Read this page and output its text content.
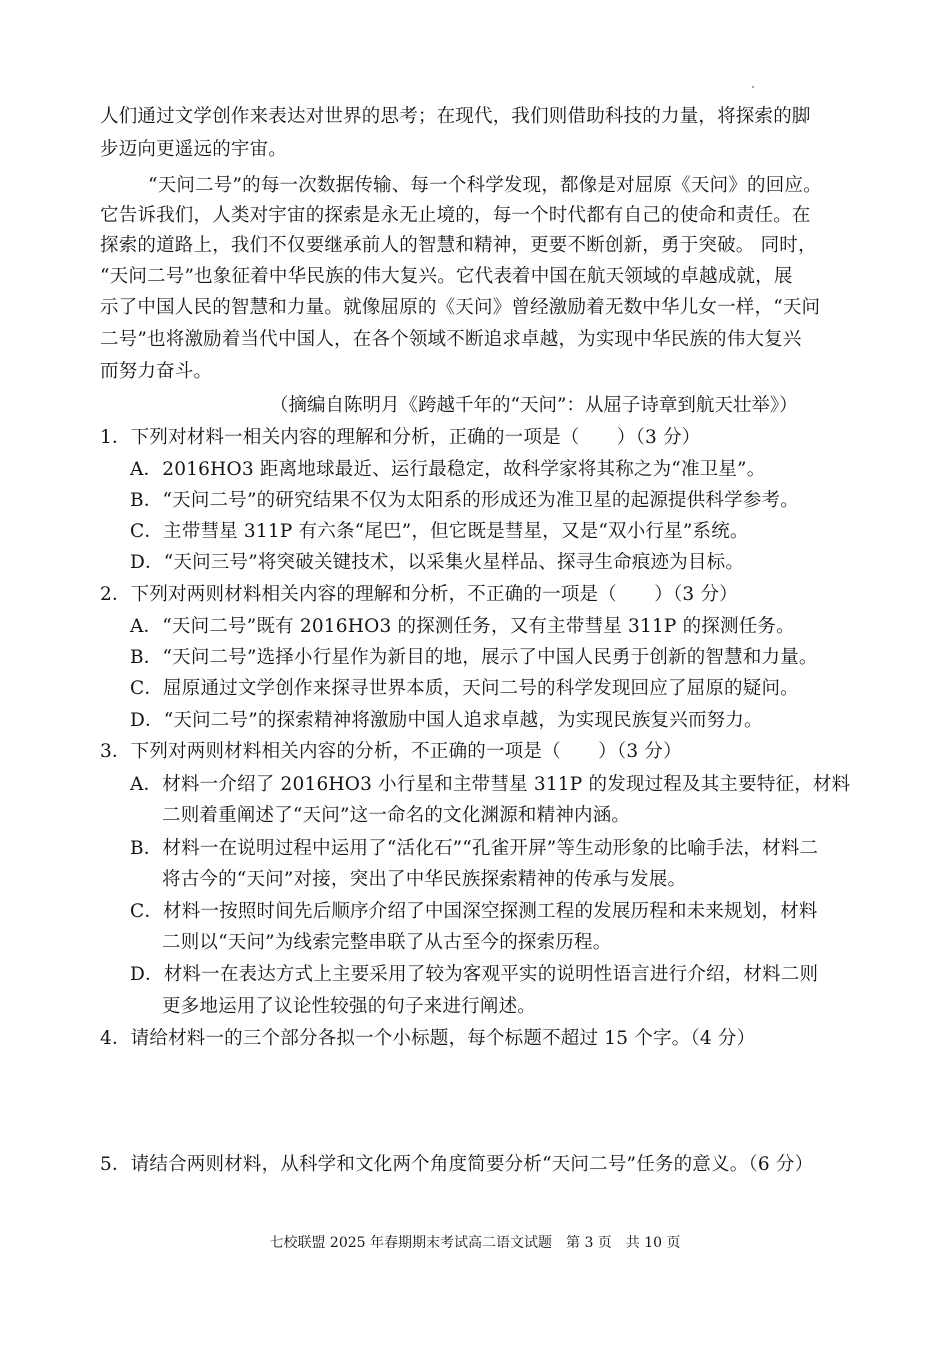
人们通过文学创作来表达对世界的思考；在现代，我们则借助科技的力量，将探索的脚
步迈向更遥远的宇宙。
“天问二号”的每一次数据传输、每一个科学发现，都像是对屈原《天问》的回应。
它告诉我们，人类对宇宙的探索是永无止境的，每一个时代都有自己的使命和责任。在
探索的道路上，我们不仅要继承前人的智慧和精神，更要不断创新，勇于突破。 同时，
“天问二号”也象征着中华民族的伟大复兴。它代表着中国在航天领域的卓越成就，展
示了中国人民的智慧和力量。就像屈原的《天问》曾经激励着无数中华儿女一样，“天问
二号”也将激励着当代中国人，在各个领域不断追求卓越，为实现中华民族的伟大复兴
而努力奋斗。
（摘编自陈明月《跨越千年的“天问”：从屈子诗章到航天壮举》）
1．下列对材料一相关内容的理解和分析，正确的一项是（　　）（3 分）
A．2016HO3 距离地球最近、运行最稳定，故科学家将其称之为“准卫星”。
B．“天问二号”的研究结果不仅为太阳系的形成还为准卫星的起源提供科学参考。
C．主带彗星 311P 有六条“尾巴”，但它既是彗星，又是“双小行星”系统。
D．“天问三号”将突破关键技术，以采集火星样品、探寻生命痕迹为目标。
2．下列对两则材料相关内容的理解和分析，不正确的一项是（　　）（3 分）
A．“天问二号”既有 2016HO3 的探测任务，又有主带彗星 311P 的探测任务。
B．“天问二号”选择小行星作为新目的地，展示了中国人民勇于创新的智慧和力量。
C．屈原通过文学创作来探寻世界本质，天问二号的科学发现回应了屈原的疑问。
D．“天问二号”的探索精神将激励中国人追求卓越，为实现民族复兴而努力。
3．下列对两则材料相关内容的分析，不正确的一项是（　　）（3 分）
A．材料一介绍了 2016HO3 小行星和主带彗星 311P 的发现过程及其主要特征，材料
二则着重阐述了“天问”这一命名的文化渊源和精神内涵。
B．材料一在说明过程中运用了“活化石”“孔雀开屏”等生动形象的比喻手法，材料二
将古今的“天问”对接，突出了中华民族探索精神的传承与发展。
C．材料一按照时间先后顺序介绍了中国深空探测工程的发展历程和未来规划，材料
二则以“天问”为线索完整串联了从古至今的探索历程。
D．材料一在表达方式上主要采用了较为客观平实的说明性语言进行介绍，材料二则
更多地运用了议论性较强的句子来进行阐述。
4．请给材料一的三个部分各拟一个小标题，每个标题不超过 15 个字。（4 分）
5．请结合两则材料，从科学和文化两个角度简要分析“天问二号”任务的意义。（6 分）
七校联盟 2025 年春期期末考试高二语文试题　第 3 页　共 10 页
